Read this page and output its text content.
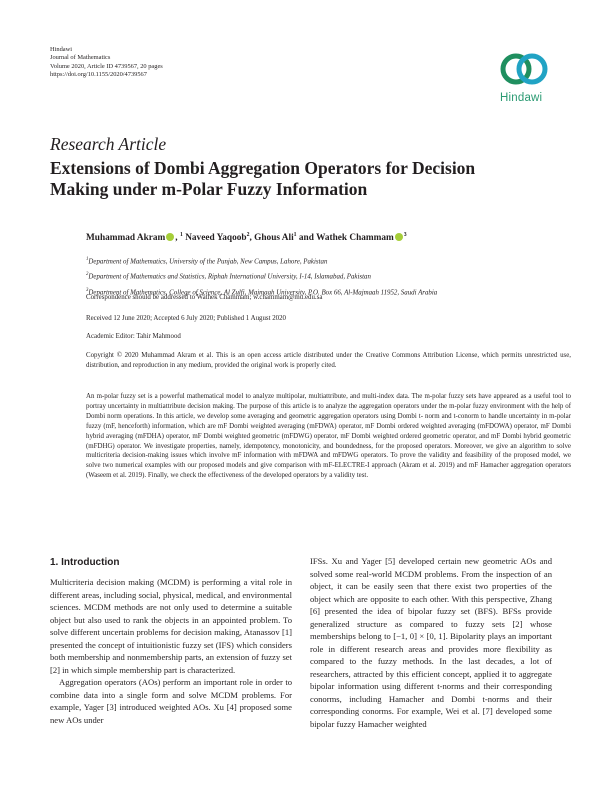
Hindawi
Journal of Mathematics
Volume 2020, Article ID 4739567, 20 pages
https://doi.org/10.1155/2020/4739567
Hindawi
Research Article
Extensions of Dombi Aggregation Operators for Decision
Making under m-Polar Fuzzy Information
Muhammad Akram , $^1$ Naveed Yaqoob$^2$, Ghous Ali$^1$ and Wathek Chammam $^3$
$^1$Department of Mathematics, University of the Punjab, New Campus, Lahore, Pakistan
$^2$Department of Mathematics and Statistics, Riphah International University, I-14, Islamabad, Pakistan
$^3$Department of Mathematics, College of Science, Al Zulfi, Majmaah University, P.O. Box 66, Al-Majmaah 11952, Saudi Arabia
Correspondence should be addressed to Wathek Chammam; w.chammam@mu.edu.sa
Received 12 June 2020; Accepted 6 July 2020; Published 1 August 2020
Academic Editor: Tahir Mahmood
Copyright © 2020 Muhammad Akram et al. This is an open access article distributed under the Creative Commons Attribution License, which permits unrestricted use, distribution, and reproduction in any medium, provided the original work is properly cited.
An m-polar fuzzy set is a powerful mathematical model to analyze multipolar, multiattribute, and multi-index data. The m-polar fuzzy sets have appeared as a useful tool to portray uncertainty in multiattribute decision making. The purpose of this article is to analyze the aggregation operators under the m-polar fuzzy environment with the help of Dombi norm operations. In this article, we develop some averaging and geometric aggregation operators using Dombi t- norm and t-conorm to handle uncertainty in m-polar fuzzy (mF, henceforth) information, which are mF Dombi weighted averaging (mFDWA) operator, mF Dombi ordered weighted averaging (mFDOWA) operator, mF Dombi hybrid averaging (mFDHA) operator, mF Dombi weighted geometric (mFDWG) operator, mF Dombi weighted ordered geometric operator, and mF Dombi hybrid geometric (mFDHG) operator. We investigate properties, namely, idempotency, monotonicity, and boundedness, for the proposed operators. Moreover, we give an algorithm to solve multicriteria decision-making issues which involve mF information with mFDWA and mFDWG operators. To prove the validity and feasibility of the proposed model, we solve two numerical examples with our proposed models and give comparison with mF-ELECTRE-I approach (Akram et al. 2019) and mF Hamacher aggregation operators (Waseem et al. 2019). Finally, we check the effectiveness of the developed operators by a validity test.
1. Introduction

Multicriteria decision making (MCDM) is performing a vital role in different areas, including social, physical, medical, and environmental sciences. MCDM methods are not only used to determine a suitable object but also used to rank the objects in an appointed problem. To solve different uncertain problems for decision making, Atanassov [1] presented the concept of intuitionistic fuzzy set (IFS) which considers both membership and nonmembership parts, an extension of fuzzy set [2] in which simple membership part is characterized.

Aggregation operators (AOs) perform an important role in order to combine data into a single form and solve MCDM problems. For example, Yager [3] introduced weighted AOs. Xu [4] proposed some new AOs under

IFSs. Xu and Yager [5] developed certain new geometric AOs and solved some real-world MCDM problems. From the inspection of an object, it can be easily seen that there exist two properties of the object which are opposite to each other. With this perspective, Zhang [6] presented the idea of bipolar fuzzy set (BFS). BFSs provide generalized structure as compared to fuzzy sets [2] whose memberships belong to [−1, 0] × [0, 1]. Bipolarity plays an important role in different research areas and provides more flexibility as compared to the fuzzy methods. In the last decades, a lot of researchers, attracted by this efficient concept, applied it to aggregate bipolar information using different t-norms and their corresponding conorms, including Hamacher and Dombi t-norms and their corresponding conorms. For example, Wei et al. [7] developed some bipolar fuzzy Hamacher weighted
